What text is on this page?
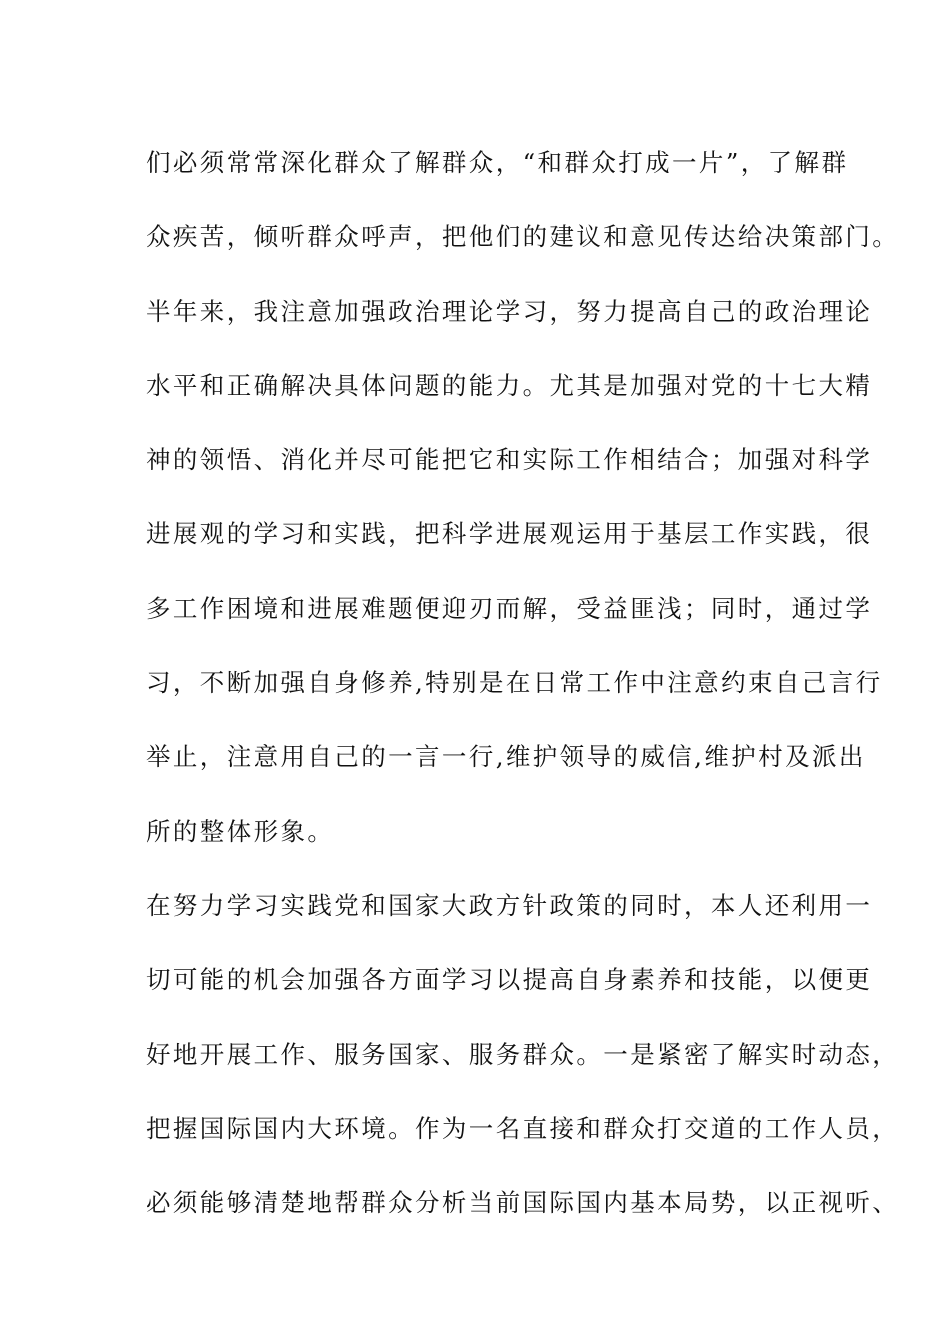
们必须常常深化群众了解群众，“和群众打成一片”，了解群
众疾苦，倾听群众呼声，把他们的建议和意见传达给决策部门。
半年来，我注意加强政治理论学习，努力提高自己的政治理论
水平和正确解决具体问题的能力。尤其是加强对党的十七大精
神的领悟、消化并尽可能把它和实际工作相结合；加强对科学
进展观的学习和实践，把科学进展观运用于基层工作实践，很
多工作困境和进展难题便迎刃而解，受益匪浅；同时，通过学
习，不断加强自身修养,特别是在日常工作中注意约束自己言行
举止，注意用自己的一言一行,维护领导的威信,维护村及派出
所的整体形象。
在努力学习实践党和国家大政方针政策的同时，本人还利用一
切可能的机会加强各方面学习以提高自身素养和技能，以便更
好地开展工作、服务国家、服务群众。一是紧密了解实时动态，
把握国际国内大环境。作为一名直接和群众打交道的工作人员，
必须能够清楚地帮群众分析当前国际国内基本局势，以正视听、
